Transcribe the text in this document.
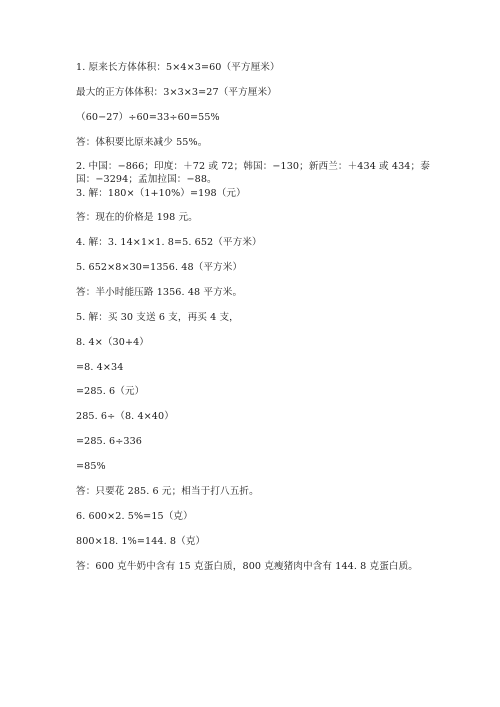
1. 原来长方体体积：5×4×3=60（平方厘米）
最大的正方体体积：3×3×3=27（平方厘米）
（60−27）÷60=33÷60=55%
答：体积要比原来减少 55%。
2. 中国：−866；印度：＋72 或 72；韩国：−130；新西兰：＋434 或 434；泰
国：−3294；孟加拉国：−88。
3. 解：180×（1+10%）=198（元）
答：现在的价格是 198 元。
4. 解：3. 14×1×1. 8=5. 652（平方米）
5. 652×8×30=1356. 48（平方米）
答：半小时能压路 1356. 48 平方米。
5. 解：买 30 支送 6 支，再买 4 支，
8. 4×（30+4）
=8. 4×34
=285. 6（元）
285. 6÷（8. 4×40）
=285. 6÷336
=85%
答：只要花 285. 6 元；相当于打八五折。
6. 600×2. 5%=15（克）
800×18. 1%=144. 8（克）
答：600 克牛奶中含有 15 克蛋白质，800 克瘦猪肉中含有 144. 8 克蛋白质。
